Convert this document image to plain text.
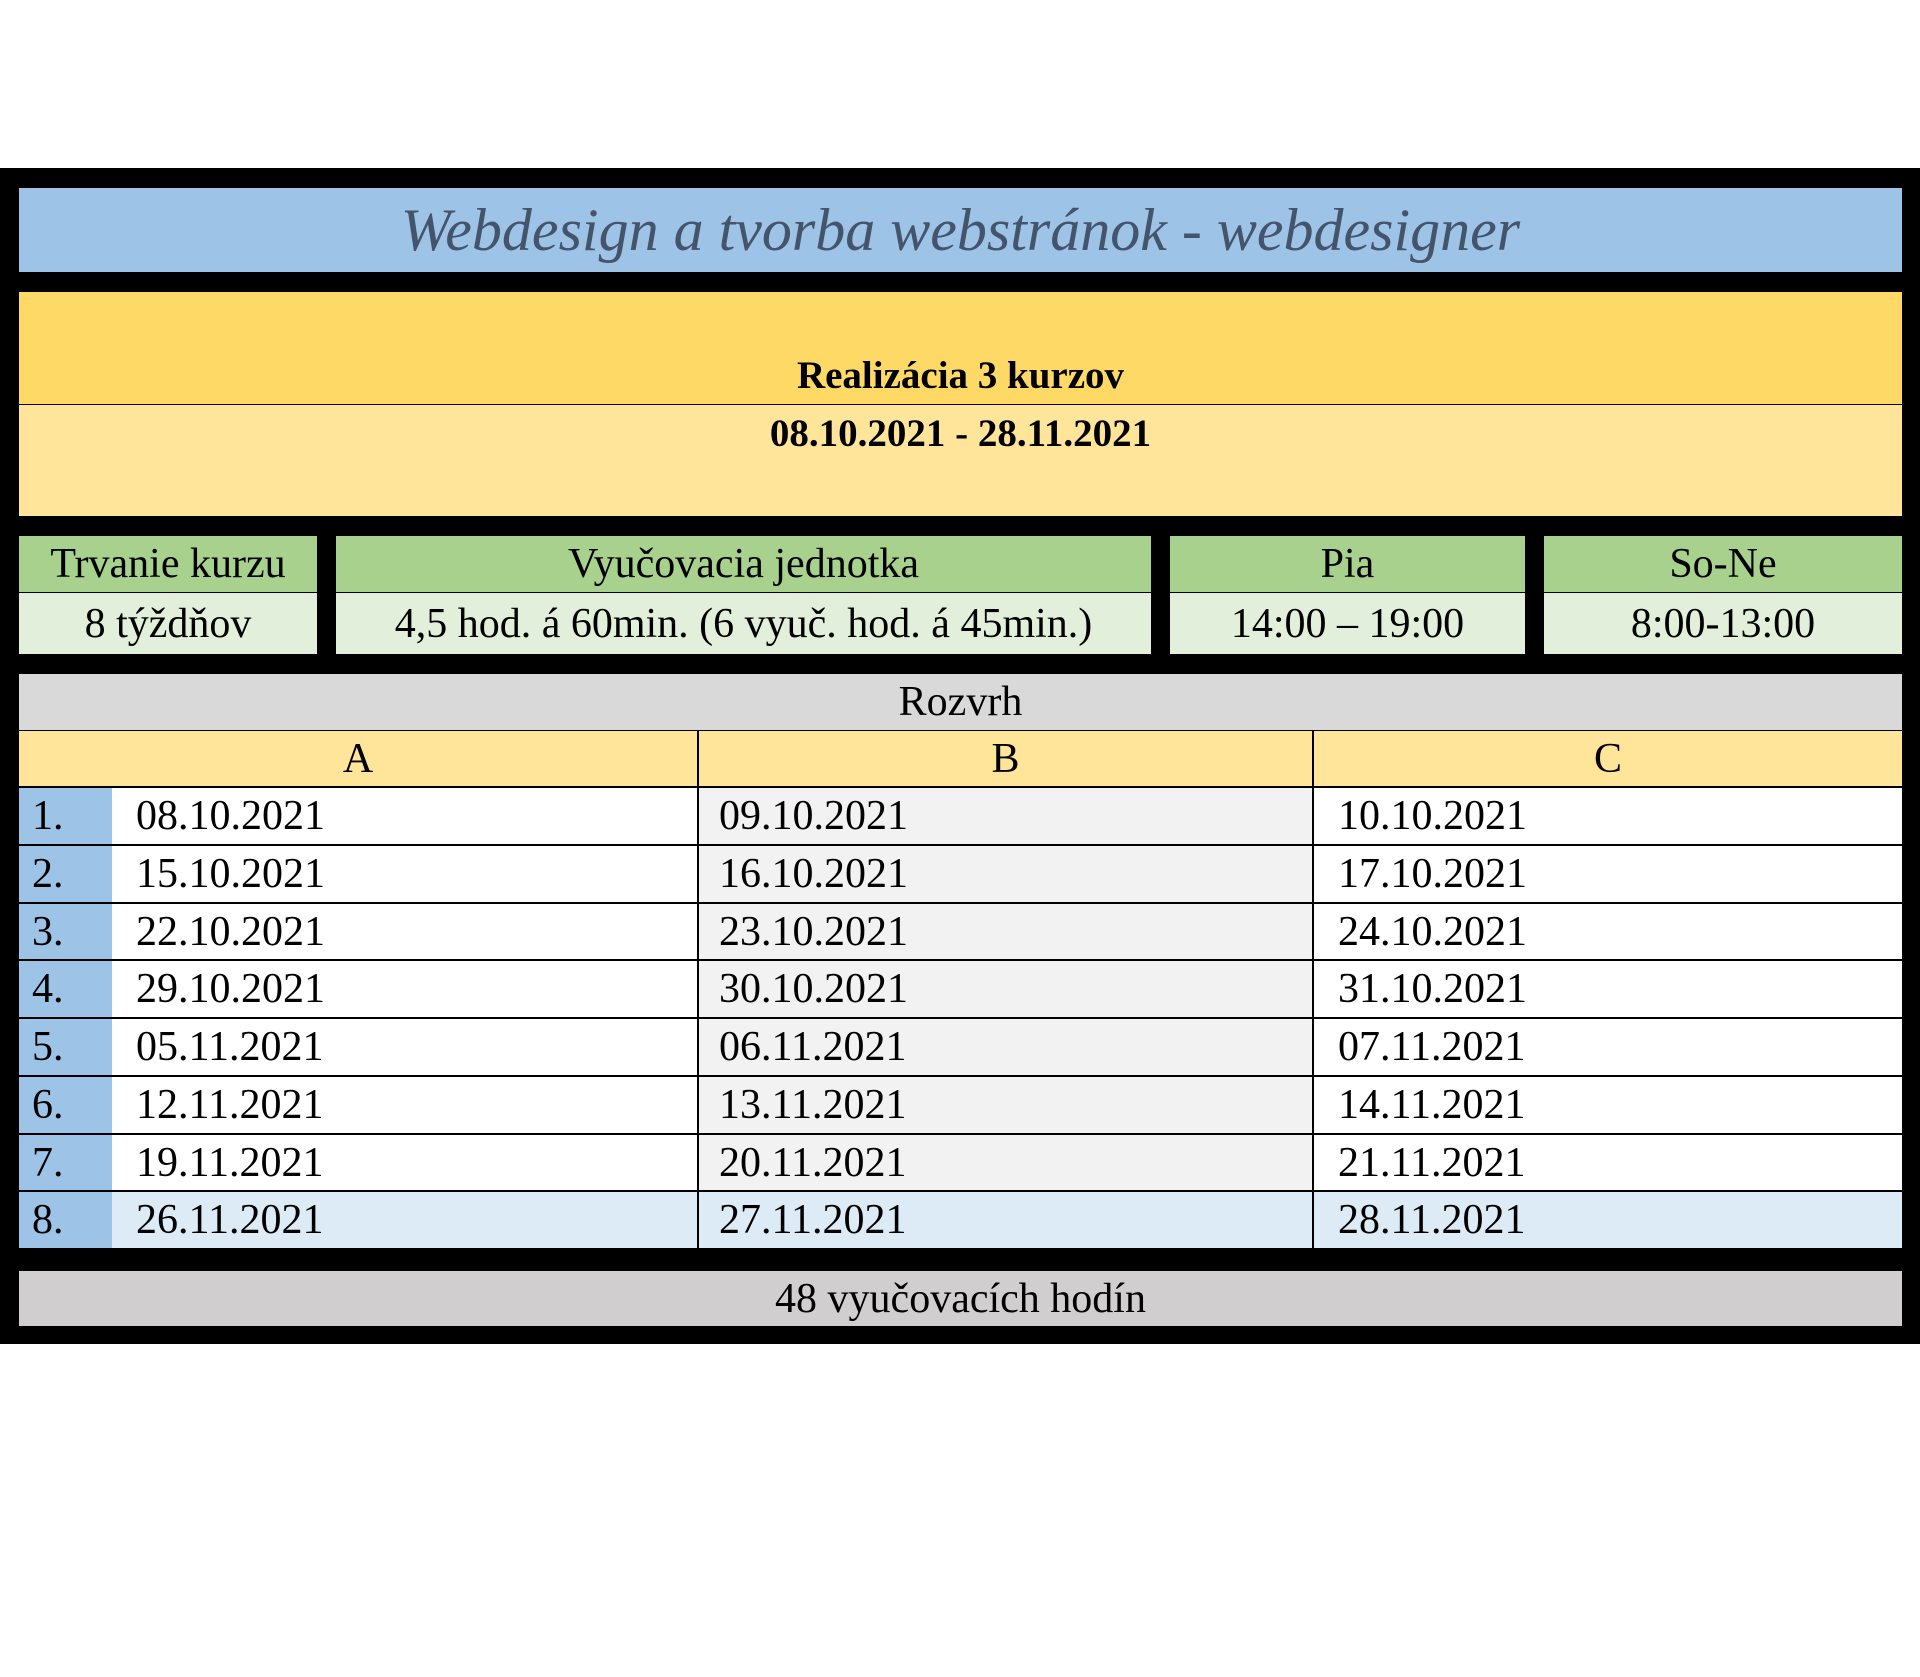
Webdesign a tvorba webstránok - webdesigner
Realizácia 3 kurzov
08.10.2021 - 28.11.2021
Trvanie kurzu	Vyučovacia jednotka	Pia	So-Ne
8 týždňov	4,5 hod. á 60min. (6 vyuč. hod. á 45min.)	14:00 – 19:00	8:00-13:00
Rozvrh
A	B	C
1.	08.10.2021	09.10.2021	10.10.2021
2.	15.10.2021	16.10.2021	17.10.2021
3.	22.10.2021	23.10.2021	24.10.2021
4.	29.10.2021	30.10.2021	31.10.2021
5.	05.11.2021	06.11.2021	07.11.2021
6.	12.11.2021	13.11.2021	14.11.2021
7.	19.11.2021	20.11.2021	21.11.2021
8.	26.11.2021	27.11.2021	28.11.2021
48 vyučovacích hodín
